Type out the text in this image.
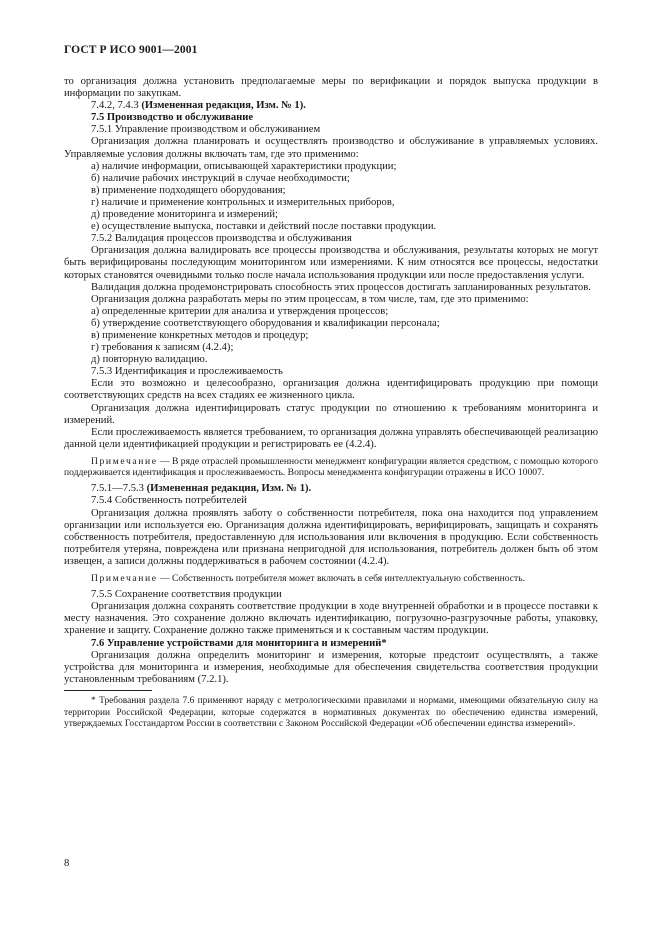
ГОСТ Р ИСО 9001—2001

то организация должна установить предполагаемые меры по верификации и порядок выпуска продукции в информации по закупкам.

7.4.2, 7.4.3 (Измененная редакция, Изм. № 1).

7.5 Производство и обслуживание

7.5.1 Управление производством и обслуживанием

Организация должна планировать и осуществлять производство и обслуживание в управляемых условиях. Управляемые условия должны включать там, где это применимо:

а) наличие информации, описывающей характеристики продукции;

б) наличие рабочих инструкций в случае необходимости;

в) применение подходящего оборудования;

г) наличие и применение контрольных и измерительных приборов,

д) проведение мониторинга и измерений;

е) осуществление выпуска, поставки и действий после поставки продукции.

7.5.2 Валидация процессов производства и обслуживания

Организация должна валидировать все процессы производства и обслуживания, результаты которых не могут быть верифицированы последующим мониторингом или измерениями. К ним относятся все процессы, недостатки которых становятся очевидными только после начала использования продукции или после предоставления услуги.

Валидация должна продемонстрировать способность этих процессов достигать запланированных результатов.

Организация должна разработать меры по этим процессам, в том числе, там, где это применимо:

а) определенные критерии для анализа и утверждения процессов;

б) утверждение соответствующего оборудования и квалификации персонала;

в) применение конкретных методов и процедур;

г) требования к записям (4.2.4);

д) повторную валидацию.

7.5.3 Идентификация и прослеживаемость

Если это возможно и целесообразно, организация должна идентифицировать продукцию при помощи соответствующих средств на всех стадиях ее жизненного цикла.

Организация должна идентифицировать статус продукции по отношению к требованиям мониторинга и измерений.

Если прослеживаемость является требованием, то организация должна управлять обеспечивающей реализацию данной цели идентификацией продукции и регистрировать ее (4.2.4).

Примечание — В ряде отраслей промышленности менеджмент конфигурации является средством, с помощью которого поддерживается идентификация и прослеживаемость. Вопросы менеджмента конфигурации отражены в ИСО 10007.

7.5.1—7.5.3 (Измененная редакция, Изм. № 1).

7.5.4 Собственность потребителей

Организация должна проявлять заботу о собственности потребителя, пока она находится под управлением организации или используется ею. Организация должна идентифицировать, верифицировать, защищать и сохранять собственность потребителя, предоставленную для использования или включения в продукцию. Если собственность потребителя утеряна, повреждена или признана непригодной для использования, потребитель должен быть об этом извещен, а записи должны поддерживаться в рабочем состоянии (4.2.4).

Примечание — Собственность потребителя может включать в себя интеллектуальную собственность.

7.5.5 Сохранение соответствия продукции

Организация должна сохранять соответствие продукции в ходе внутренней обработки и в процессе поставки к месту назначения. Это сохранение должно включать идентификацию, погрузочно-разгрузочные работы, упаковку, хранение и защиту. Сохранение должно также применяться и к составным частям продукции.

7.6 Управление устройствами для мониторинга и измерений*

Организация должна определить мониторинг и измерения, которые предстоит осуществлять, а также устройства для мониторинга и измерения, необходимые для обеспечения свидетельства соответствия продукции установленным требованиям (7.2.1).

* Требования раздела 7.6 применяют наряду с метрологическими правилами и нормами, имеющими обязательную силу на территории Российской Федерации, которые содержатся в нормативных документах по обеспечению единства измерений, утверждаемых Госстандартом России в соответствии с Законом Российской Федерации «Об обеспечении единства измерений».

8
